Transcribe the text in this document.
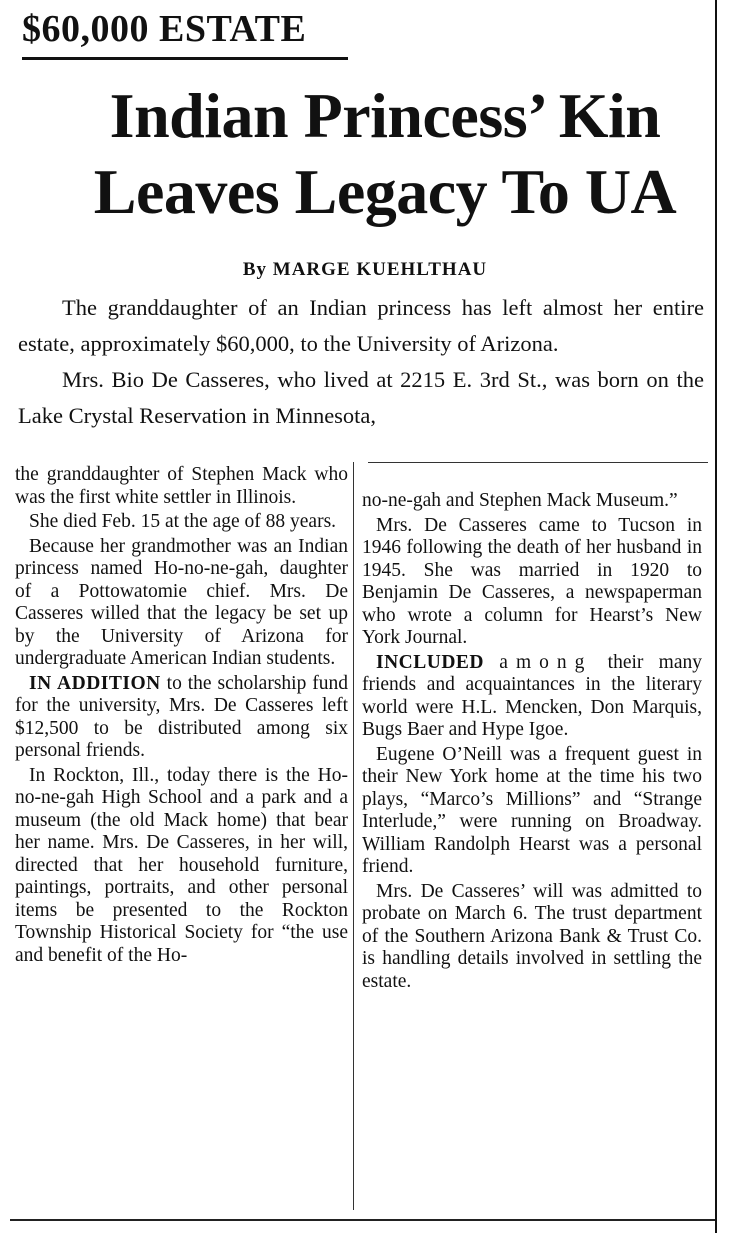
$60,000 ESTATE
Indian Princess’ Kin
Leaves Legacy To UA
By MARGE KUEHLTHAU

The granddaughter of an Indian princess has left almost her entire estate, approximately $60,000, to the University of Arizona.

Mrs. Bio De Casseres, who lived at 2215 E. 3rd St., was born on the Lake Crystal Reservation in Minnesota,

the granddaughter of Stephen Mack who was the first white settler in Illinois.

She died Feb. 15 at the age of 88 years.

Because her grandmother was an Indian princess named Ho-no-ne-gah, daughter of a Pottowatomie chief. Mrs. De Casseres willed that the legacy be set up by the University of Arizona for undergraduate American Indian students.

IN ADDITION to the scholarship fund for the university, Mrs. De Casseres left $12,500 to be distributed among six personal friends.

In Rockton, Ill., today there is the Ho-no-ne-gah High School and a park and a museum (the old Mack home) that bear her name. Mrs. De Casseres, in her will, directed that her household furniture, paintings, portraits, and other personal items be presented to the Rockton Township Historical Society for “the use and benefit of the Ho-

no-ne-gah and Stephen Mack Museum.”

Mrs. De Casseres came to Tucson in 1946 following the death of her husband in 1945. She was married in 1920 to Benjamin De Casseres, a newspaperman who wrote a column for Hearst’s New York Journal.

INCLUDED among their many friends and acquaintances in the literary world were H.L. Mencken, Don Marquis, Bugs Baer and Hype Igoe.

Eugene O’Neill was a frequent guest in their New York home at the time his two plays, “Marco’s Millions” and “Strange Interlude,” were running on Broadway. William Randolph Hearst was a personal friend.

Mrs. De Casseres’ will was admitted to probate on March 6. The trust department of the Southern Arizona Bank & Trust Co. is handling details involved in settling the estate.
